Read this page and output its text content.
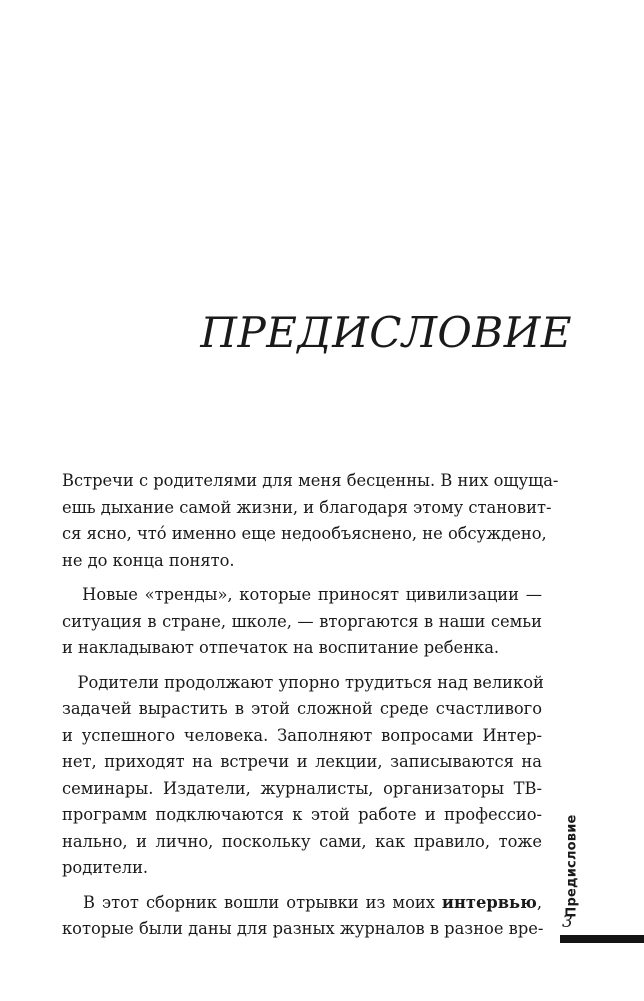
ПРЕДИСЛОВИЕ
Встречи с родителями для меня бесценны. В них ощуща-
ешь дыхание самой жизни, и благодаря этому становит-
ся ясно, что́ именно еще недообъяснено, не обсуждено,
не до конца понято.
Новые «тренды», которые приносят цивилизации —
ситуация в стране, школе, — вторгаются в наши семьи
и накладывают отпечаток на воспитание ребенка.
Родители продолжают упорно трудиться над великой
задачей вырастить в этой сложной среде счастливого
и успешного человека. Заполняют вопросами Интер-
нет, приходят на встречи и лекции, записываются на
семинары. Издатели, журналисты, организаторы ТВ-
программ подключаются к этой работе и профессио-
нально, и лично, поскольку сами, как правило, тоже
родители.
В этот сборник вошли отрывки из моих интервью,
которые были даны для разных журналов в разное вре-
Предисловие
3
